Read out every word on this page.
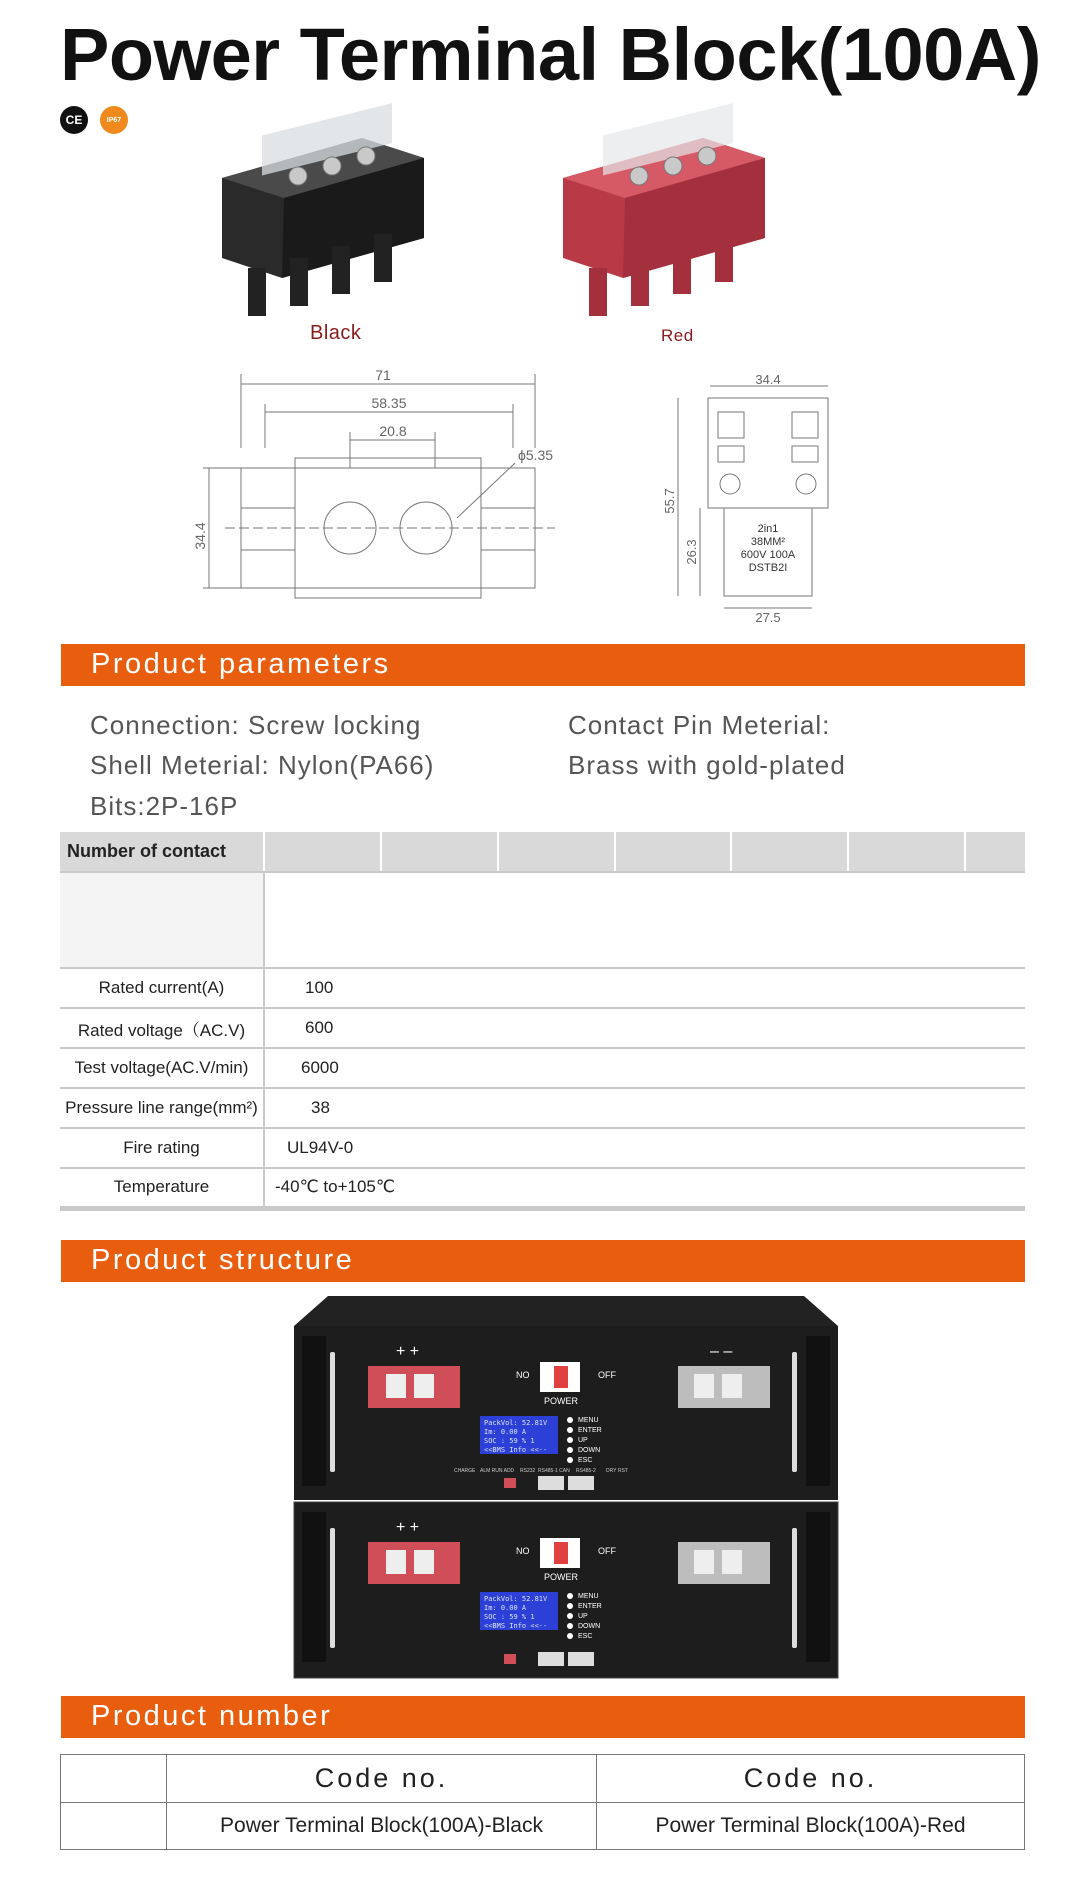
Power Terminal Block(100A)
CE	IP67
Black	Red
71
58.35
20.8
ϕ5.35
34.4
34.4
55.7
26.3
27.5
2in1
38MM²
600V 100A
DSTB2I
Product parameters
Connection: Screw locking
Shell Meterial: Nylon(PA66)
Bits:2P-16P
Contact Pin Meterial:
Brass with gold-plated
Number of contact							

Rated current(A)	100						
Rated voltage（AC.V)	600						
Test voltage(AC.V/min)	6000						
Pressure line range(mm²)	38						
Fire rating	UL94V-0						
Temperature	-40℃ to+105℃						
Product structure
+ +	– –
NO	OFF
POWER
PackVol: 52.81V
Im: 0.00 A
SOC : 59 % 1
<<BMS Info <<--
MENU
ENTER
UP
DOWN
ESC
CHARGE ALM RUN ADD RS232 RS485-1 CAN RS485-2 DRY RST
+ +
NO	OFF
POWER
PackVol: 52.81V
Im: 0.00 A
SOC : 59 % 1
<<BMS Info <<--
MENU
ENTER
UP
DOWN
ESC
Product number
	Code no.	Code no.
	Power Terminal Block(100A)-Black	Power Terminal Block(100A)-Red
